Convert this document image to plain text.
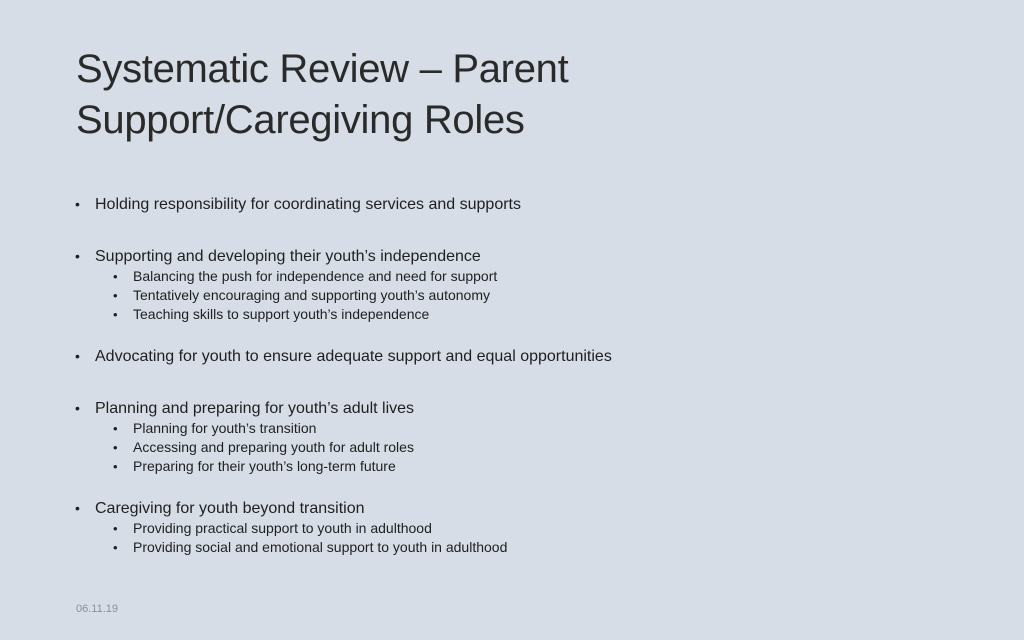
Systematic Review – Parent
Support/Caregiving Roles
• Holding responsibility for coordinating services and supports
• Supporting and developing their youth’s independence
• Balancing the push for independence and need for support
• Tentatively encouraging and supporting youth’s autonomy
• Teaching skills to support youth’s independence
• Advocating for youth to ensure adequate support and equal opportunities
• Planning and preparing for youth’s adult lives
• Planning for youth’s transition
• Accessing and preparing youth for adult roles
• Preparing for their youth’s long-term future
• Caregiving for youth beyond transition
• Providing practical support to youth in adulthood
• Providing social and emotional support to youth in adulthood
06.11.19
